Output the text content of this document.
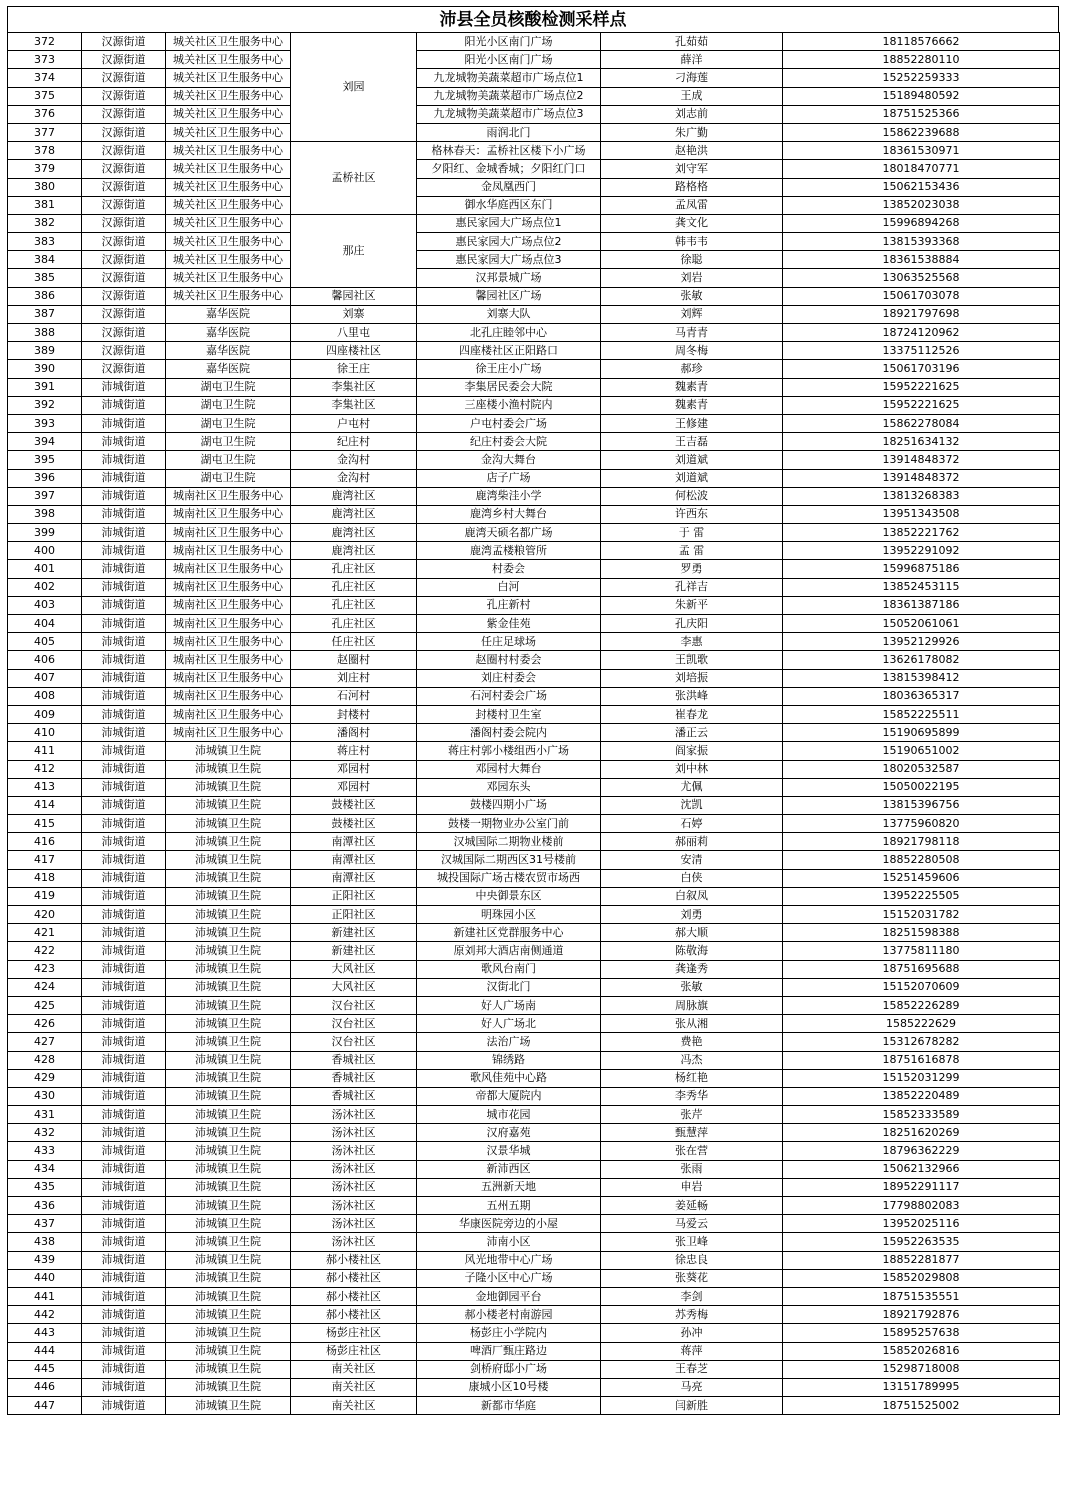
沛县全员核酸检测采样点
372	汉源街道	城关社区卫生服务中心	刘园	阳光小区南门广场	孔茹茹	18118576662
373	汉源街道	城关社区卫生服务中心		阳光小区南门广场	薛洋	18852280110
374	汉源街道	城关社区卫生服务中心		九龙城物美蔬菜超市广场点位1	刁海莲	15252259333
375	汉源街道	城关社区卫生服务中心		九龙城物美蔬菜超市广场点位2	王成	15189480592
376	汉源街道	城关社区卫生服务中心		九龙城物美蔬菜超市广场点位3	刘志前	18751525366
377	汉源街道	城关社区卫生服务中心		雨润北门	朱广勤	15862239688
378	汉源街道	城关社区卫生服务中心	孟桥社区	格林春天：孟桥社区楼下小广场	赵艳洪	18361530971
379	汉源街道	城关社区卫生服务中心		夕阳红、金城香城；夕阳红门口	刘守军	18018470771
380	汉源街道	城关社区卫生服务中心		金凤凰西门	路格格	15062153436
381	汉源街道	城关社区卫生服务中心		御水华庭西区东门	孟凤雷	13852023038
382	汉源街道	城关社区卫生服务中心	那庄	惠民家园大广场点位1	龚文化	15996894268
383	汉源街道	城关社区卫生服务中心		惠民家园大广场点位2	韩韦韦	13815393368
384	汉源街道	城关社区卫生服务中心		惠民家园大广场点位3	徐聪	18361538884
385	汉源街道	城关社区卫生服务中心		汉邦景城广场	刘岩	13063525568
386	汉源街道	城关社区卫生服务中心	馨园社区	馨园社区广场	张敏	15061703078
387	汉源街道	嘉华医院	刘寨	刘寨大队	刘辉	18921797698
388	汉源街道	嘉华医院	八里屯	北孔庄睦邻中心	马青青	18724120962
389	汉源街道	嘉华医院	四座楼社区	四座楼社区正阳路口	周冬梅	13375112526
390	汉源街道	嘉华医院	徐王庄	徐王庄小广场	郝珍	15061703196
391	沛城街道	湖屯卫生院	李集社区	李集居民委会大院	魏素青	15952221625
392	沛城街道	湖屯卫生院	李集社区	三座楼小渔村院内	魏素青	15952221625
393	沛城街道	湖屯卫生院	户屯村	户屯村委会广场	王修建	15862278084
394	沛城街道	湖屯卫生院	纪庄村	纪庄村委会大院	王吉磊	18251634132
395	沛城街道	湖屯卫生院	金沟村	金沟大舞台	刘道斌	13914848372
396	沛城街道	湖屯卫生院	金沟村	店子广场	刘道斌	13914848372
397	沛城街道	城南社区卫生服务中心	鹿湾社区	鹿湾柴洼小学	何松波	13813268383
398	沛城街道	城南社区卫生服务中心	鹿湾社区	鹿湾乡村大舞台	许西东	13951343508
399	沛城街道	城南社区卫生服务中心	鹿湾社区	鹿湾天硕名都广场	于 雷	13852221762
400	沛城街道	城南社区卫生服务中心	鹿湾社区	鹿湾孟楼粮管所	孟 雷	13952291092
401	沛城街道	城南社区卫生服务中心	孔庄社区	村委会	罗勇	15996875186
402	沛城街道	城南社区卫生服务中心	孔庄社区	白河	孔祥吉	13852453115
403	沛城街道	城南社区卫生服务中心	孔庄社区	孔庄新村	朱新平	18361387186
404	沛城街道	城南社区卫生服务中心	孔庄社区	紫金佳苑	孔庆阳	15052061061
405	沛城街道	城南社区卫生服务中心	任庄社区	任庄足球场	李惠	13952129926
406	沛城街道	城南社区卫生服务中心	赵圈村	赵圈村村委会	王凯歌	13626178082
407	沛城街道	城南社区卫生服务中心	刘庄村	刘庄村委会	刘培振	13815398412
408	沛城街道	城南社区卫生服务中心	石河村	石河村委会广场	张洪峰	18036365317
409	沛城街道	城南社区卫生服务中心	封楼村	封楼村卫生室	崔春龙	15852225511
410	沛城街道	城南社区卫生服务中心	潘阁村	潘阁村委会院内	潘正云	15190695899
411	沛城街道	沛城镇卫生院	蒋庄村	蒋庄村郭小楼组西小广场	阎家振	15190651002
412	沛城街道	沛城镇卫生院	邓园村	邓园村大舞台	刘中林	18020532587
413	沛城街道	沛城镇卫生院	邓园村	邓园东头	尤佩	15050022195
414	沛城街道	沛城镇卫生院	鼓楼社区	鼓楼四期小广场	沈凯	13815396756
415	沛城街道	沛城镇卫生院	鼓楼社区	鼓楼一期物业办公室门前	石婷	13775960820
416	沛城街道	沛城镇卫生院	南潭社区	汉城国际二期物业楼前	郝丽莉	18921798118
417	沛城街道	沛城镇卫生院	南潭社区	汉城国际二期西区31号楼前	安清	18852280508
418	沛城街道	沛城镇卫生院	南潭社区	城投国际广场古楼农贸市场西	白侠	15251459606
419	沛城街道	沛城镇卫生院	正阳社区	中央御景东区	白叙凤	13952225505
420	沛城街道	沛城镇卫生院	正阳社区	明珠园小区	刘勇	15152031782
421	沛城街道	沛城镇卫生院	新建社区	新建社区党群服务中心	郝大顺	18251598388
422	沛城街道	沛城镇卫生院	新建社区	原刘邦大酒店南侧通道	陈敬海	13775811180
423	沛城街道	沛城镇卫生院	大风社区	歌风台南门	龚逢秀	18751695688
424	沛城街道	沛城镇卫生院	大风社区	汉街北门	张敏	15152070609
425	沛城街道	沛城镇卫生院	汉台社区	好人广场南	周脉旗	15852226289
426	沛城街道	沛城镇卫生院	汉台社区	好人广场北	张从湘	1585222629
427	沛城街道	沛城镇卫生院	汉台社区	法治广场	费艳	15312678282
428	沛城街道	沛城镇卫生院	香城社区	锦绣路	冯杰	18751616878
429	沛城街道	沛城镇卫生院	香城社区	歌风佳苑中心路	杨红艳	15152031299
430	沛城街道	沛城镇卫生院	香城社区	帝都大厦院内	李秀华	13852220489
431	沛城街道	沛城镇卫生院	汤沐社区	城市花园	张芹	15852333589
432	沛城街道	沛城镇卫生院	汤沐社区	汉府嘉苑	甄慧萍	18251620269
433	沛城街道	沛城镇卫生院	汤沐社区	汉景华城	张在营	18796362229
434	沛城街道	沛城镇卫生院	汤沐社区	新沛西区	张雨	15062132966
435	沛城街道	沛城镇卫生院	汤沐社区	五洲新天地	申岩	18952291117
436	沛城街道	沛城镇卫生院	汤沐社区	五州五期	姜延畅	17798802083
437	沛城街道	沛城镇卫生院	汤沐社区	华康医院旁边的小屋	马爱云	13952025116
438	沛城街道	沛城镇卫生院	汤沐社区	沛南小区	张卫峰	15952263535
439	沛城街道	沛城镇卫生院	郝小楼社区	风光地带中心广场	徐忠良	18852281877
440	沛城街道	沛城镇卫生院	郝小楼社区	子隆小区中心广场	张葵花	15852029808
441	沛城街道	沛城镇卫生院	郝小楼社区	金地御园平台	李剑	18751535551
442	沛城街道	沛城镇卫生院	郝小楼社区	郝小楼老村南游园	苏秀梅	18921792876
443	沛城街道	沛城镇卫生院	杨彭庄社区	杨彭庄小学院内	孙冲	15895257638
444	沛城街道	沛城镇卫生院	杨彭庄社区	啤酒厂甄庄路边	蒋萍	15852026816
445	沛城街道	沛城镇卫生院	南关社区	剑桥府邸小广场	王春芝	15298718008
446	沛城街道	沛城镇卫生院	南关社区	康城小区10号楼	马亮	13151789995
447	沛城街道	沛城镇卫生院	南关社区	新都市华庭	闫新胜	18751525002
